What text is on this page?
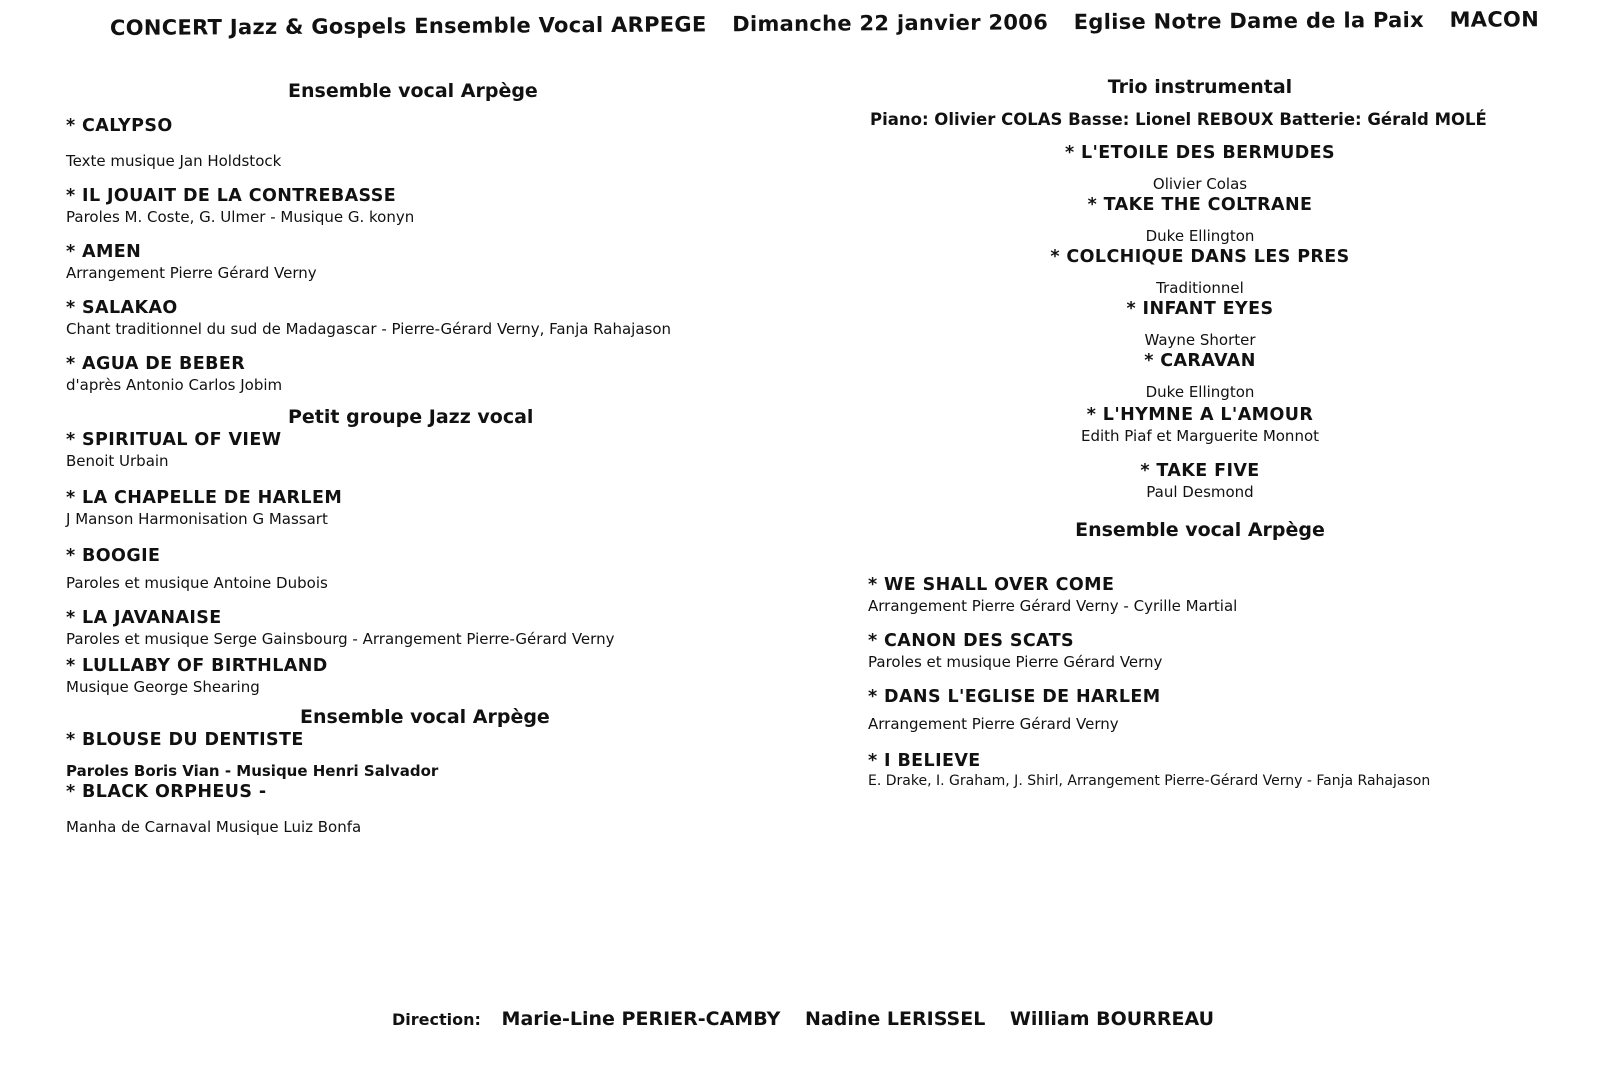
CONCERT Jazz & Gospels Ensemble Vocal ARPEGE Dimanche 22 janvier 2006 Eglise Notre Dame de la Paix MACON
Ensemble vocal Arpège
* CALYPSO
Texte musique Jan Holdstock
* IL JOUAIT DE LA CONTREBASSE
Paroles M. Coste, G. Ulmer - Musique G. konyn
* AMEN
Arrangement Pierre Gérard Verny
* SALAKAO
Chant traditionnel du sud de Madagascar - Pierre-Gérard Verny, Fanja Rahajason
* AGUA DE BEBER
d'après Antonio Carlos Jobim
Petit groupe Jazz vocal
* SPIRITUAL OF VIEW
Benoit Urbain
* LA CHAPELLE DE HARLEM
J Manson Harmonisation G Massart
* BOOGIE
Paroles et musique Antoine Dubois
* LA JAVANAISE
Paroles et musique Serge Gainsbourg - Arrangement Pierre-Gérard Verny
* LULLABY OF BIRTHLAND
Musique George Shearing
Ensemble vocal Arpège
* BLOUSE DU DENTISTE
Paroles Boris Vian - Musique Henri Salvador
* BLACK ORPHEUS -
Manha de Carnaval Musique Luiz Bonfa
Trio instrumental
Piano: Olivier COLAS Basse: Lionel REBOUX Batterie: Gérald MOLÉ
* L'ETOILE DES BERMUDES
Olivier Colas
* TAKE THE COLTRANE
Duke Ellington
* COLCHIQUE DANS LES PRES
Traditionnel
* INFANT EYES
Wayne Shorter
* CARAVAN
Duke Ellington
* L'HYMNE A L'AMOUR
Edith Piaf et Marguerite Monnot
* TAKE FIVE
Paul Desmond
Ensemble vocal Arpège
* WE SHALL OVER COME
Arrangement Pierre Gérard Verny - Cyrille Martial
* CANON DES SCATS
Paroles et musique Pierre Gérard Verny
* DANS L'EGLISE DE HARLEM
Arrangement Pierre Gérard Verny
* I BELIEVE
E. Drake, I. Graham, J. Shirl, Arrangement Pierre-Gérard Verny - Fanja Rahajason
Direction: Marie-Line PERIER-CAMBY Nadine LERISSEL William BOURREAU
